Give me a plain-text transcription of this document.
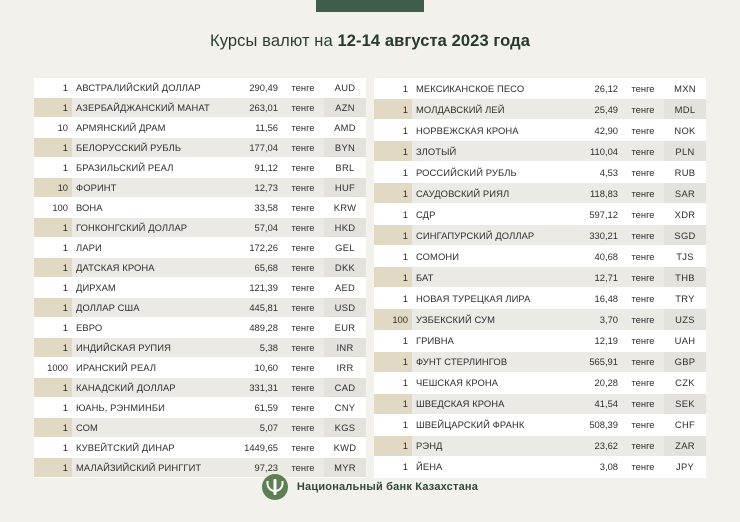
Курсы валют на 12-14 августа 2023 года
1	АВСТРАЛИЙСКИЙ ДОЛЛАР	290,49	тенге	AUD
1	АЗЕРБАЙДЖАНСКИЙ МАНАТ	263,01	тенге	AZN
10	АРМЯНСКИЙ ДРАМ	11,56	тенге	AMD
1	БЕЛОРУССКИЙ РУБЛЬ	177,04	тенге	BYN
1	БРАЗИЛЬСКИЙ РЕАЛ	91,12	тенге	BRL
10	ФОРИНТ	12,73	тенге	HUF
100	ВОНА	33,58	тенге	KRW
1	ГОНКОНГСКИЙ ДОЛЛАР	57,04	тенге	HKD
1	ЛАРИ	172,26	тенге	GEL
1	ДАТСКАЯ КРОНА	65,68	тенге	DKK
1	ДИРХАМ	121,39	тенге	AED
1	ДОЛЛАР США	445,81	тенге	USD
1	ЕВРО	489,28	тенге	EUR
1	ИНДИЙСКАЯ РУПИЯ	5,38	тенге	INR
1000	ИРАНСКИЙ РЕАЛ	10,60	тенге	IRR
1	КАНАДСКИЙ ДОЛЛАР	331,31	тенге	CAD
1	ЮАНЬ, РЭНМИНБИ	61,59	тенге	CNY
1	СОМ	5,07	тенге	KGS
1	КУВЕЙТСКИЙ ДИНАР	1449,65	тенге	KWD
1	МАЛАЙЗИЙСКИЙ РИНГГИТ	97,23	тенге	MYR
1	МЕКСИКАНСКОЕ ПЕСО	26,12	тенге	MXN
1	МОЛДАВСКИЙ ЛЕЙ	25,49	тенге	MDL
1	НОРВЕЖСКАЯ КРОНА	42,90	тенге	NOK
1	ЗЛОТЫЙ	110,04	тенге	PLN
1	РОССИЙСКИЙ РУБЛЬ	4,53	тенге	RUB
1	САУДОВСКИЙ РИЯЛ	118,83	тенге	SAR
1	СДР	597,12	тенге	XDR
1	СИНГАПУРСКИЙ ДОЛЛАР	330,21	тенге	SGD
1	СОМОНИ	40,68	тенге	TJS
1	БАТ	12,71	тенге	THB
1	НОВАЯ ТУРЕЦКАЯ ЛИРА	16,48	тенге	TRY
100	УЗБЕКСКИЙ СУМ	3,70	тенге	UZS
1	ГРИВНА	12,19	тенге	UAH
1	ФУНТ СТЕРЛИНГОВ	565,91	тенге	GBP
1	ЧЕШСКАЯ КРОНА	20,28	тенге	CZK
1	ШВЕДСКАЯ КРОНА	41,54	тенге	SEK
1	ШВЕЙЦАРСКИЙ ФРАНК	508,39	тенге	CHF
1	РЭНД	23,62	тенге	ZAR
1	ЙЕНА	3,08	тенге	JPY
Национальный банк Казахстана
